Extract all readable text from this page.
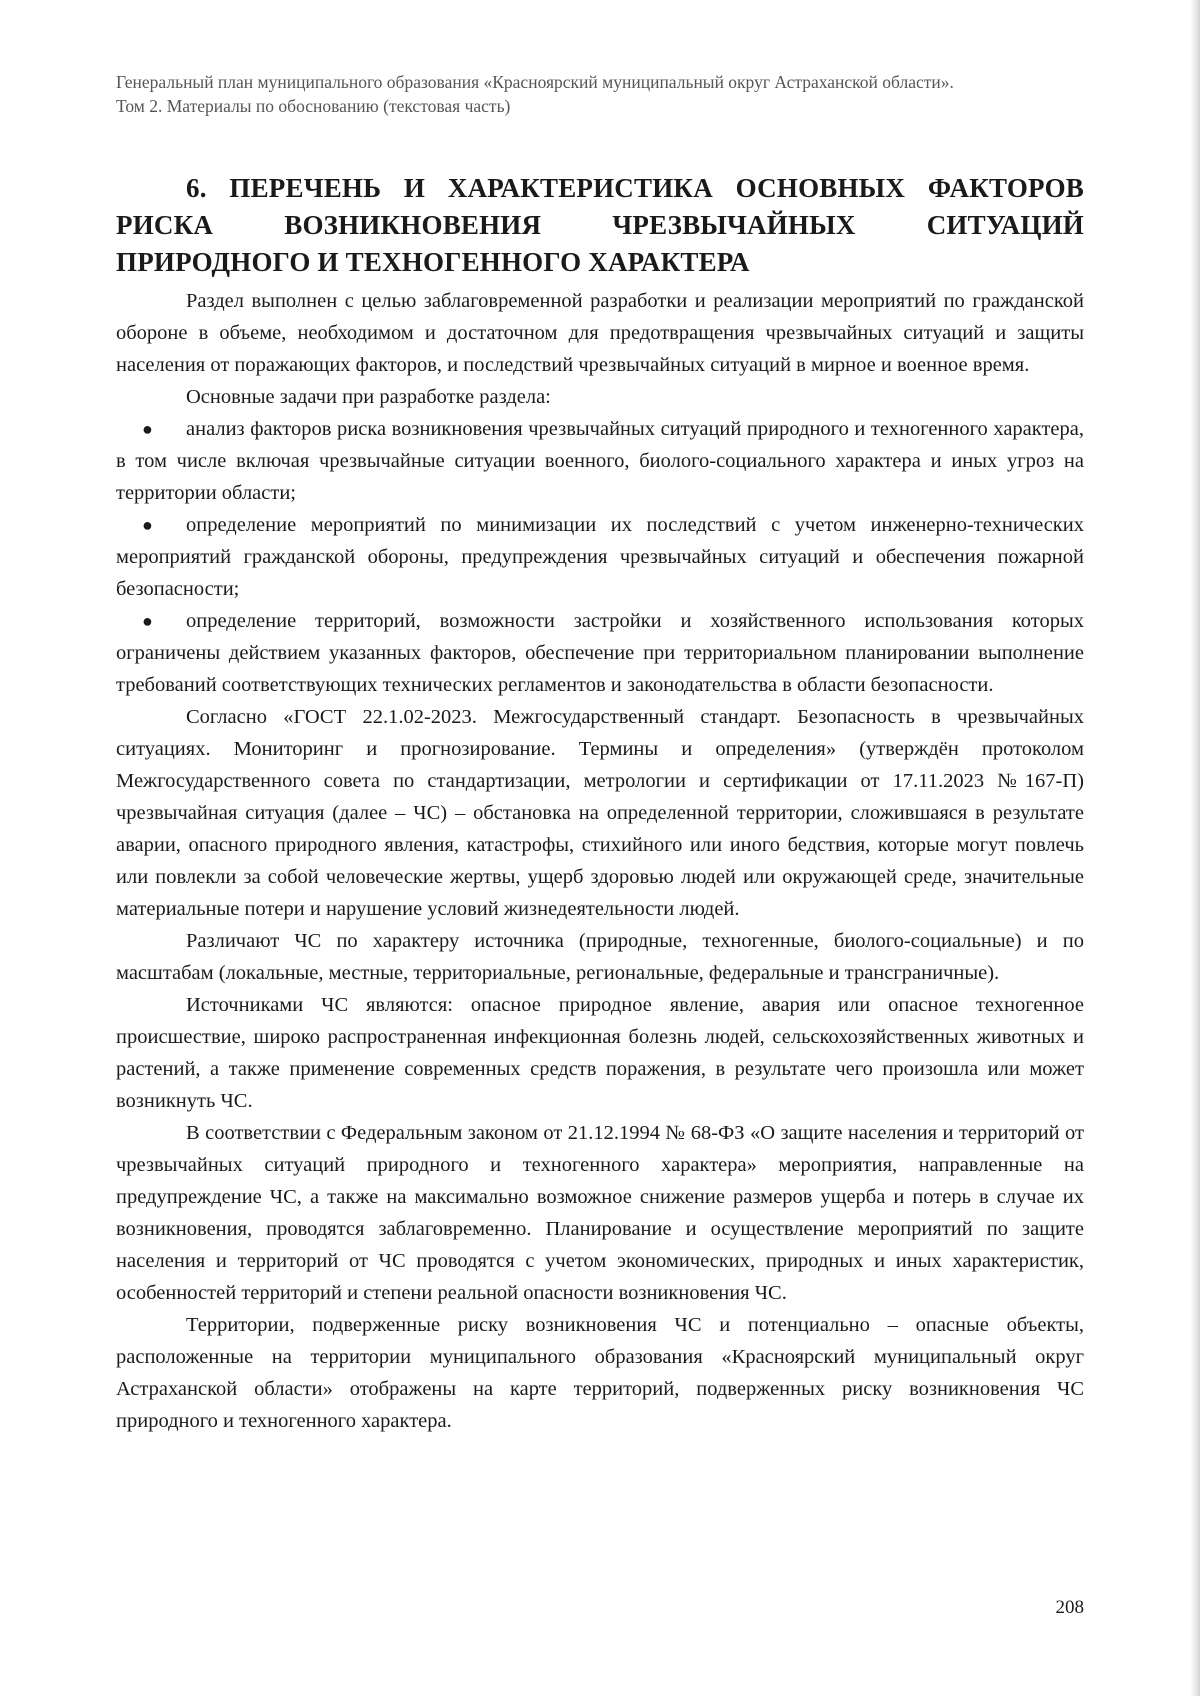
Генеральный план муниципального образования «Красноярский муниципальный округ Астраханской области».
Том 2. Материалы по обоснованию (текстовая часть)
6. ПЕРЕЧЕНЬ И ХАРАКТЕРИСТИКА ОСНОВНЫХ ФАКТОРОВ РИСКА ВОЗНИКНОВЕНИЯ ЧРЕЗВЫЧАЙНЫХ СИТУАЦИЙ ПРИРОДНОГО И ТЕХНОГЕННОГО ХАРАКТЕРА

Раздел выполнен с целью заблаговременной разработки и реализации мероприятий по гражданской обороне в объеме, необходимом и достаточном для предотвращения чрезвычайных ситуаций и защиты населения от поражающих факторов, и последствий чрезвычайных ситуаций в мирное и военное время.

Основные задачи при разработке раздела:

● анализ факторов риска возникновения чрезвычайных ситуаций природного и техногенного характера, в том числе включая чрезвычайные ситуации военного, биолого-социального характера и иных угроз на территории области;

● определение мероприятий по минимизации их последствий с учетом инженерно-технических мероприятий гражданской обороны, предупреждения чрезвычайных ситуаций и обеспечения пожарной безопасности;

● определение территорий, возможности застройки и хозяйственного использования которых ограничены действием указанных факторов, обеспечение при территориальном планировании выполнение требований соответствующих технических регламентов и законодательства в области безопасности.

Согласно «ГОСТ 22.1.02-2023. Межгосударственный стандарт. Безопасность в чрезвычайных ситуациях. Мониторинг и прогнозирование. Термины и определения» (утверждён протоколом Межгосударственного совета по стандартизации, метрологии и сертификации от 17.11.2023 №167-П) чрезвычайная ситуация (далее – ЧС) – обстановка на определенной территории, сложившаяся в результате аварии, опасного природного явления, катастрофы, стихийного или иного бедствия, которые могут повлечь или повлекли за собой человеческие жертвы, ущерб здоровью людей или окружающей среде, значительные материальные потери и нарушение условий жизнедеятельности людей.

Различают ЧС по характеру источника (природные, техногенные, биолого-социальные) и по масштабам (локальные, местные, территориальные, региональные, федеральные и трансграничные).

Источниками ЧС являются: опасное природное явление, авария или опасное техногенное происшествие, широко распространенная инфекционная болезнь людей, сельскохозяйственных животных и растений, а также применение современных средств поражения, в результате чего произошла или может возникнуть ЧС.

В соответствии с Федеральным законом от 21.12.1994 № 68-ФЗ «О защите населения и территорий от чрезвычайных ситуаций природного и техногенного характера» мероприятия, направленные на предупреждение ЧС, а также на максимально возможное снижение размеров ущерба и потерь в случае их возникновения, проводятся заблаговременно. Планирование и осуществление мероприятий по защите населения и территорий от ЧС проводятся с учетом экономических, природных и иных характеристик, особенностей территорий и степени реальной опасности возникновения ЧС.

Территории, подверженные риску возникновения ЧС и потенциально – опасные объекты, расположенные на территории муниципального образования «Красноярский муниципальный округ Астраханской области» отображены на карте территорий, подверженных риску возникновения ЧС природного и техногенного характера.

208
